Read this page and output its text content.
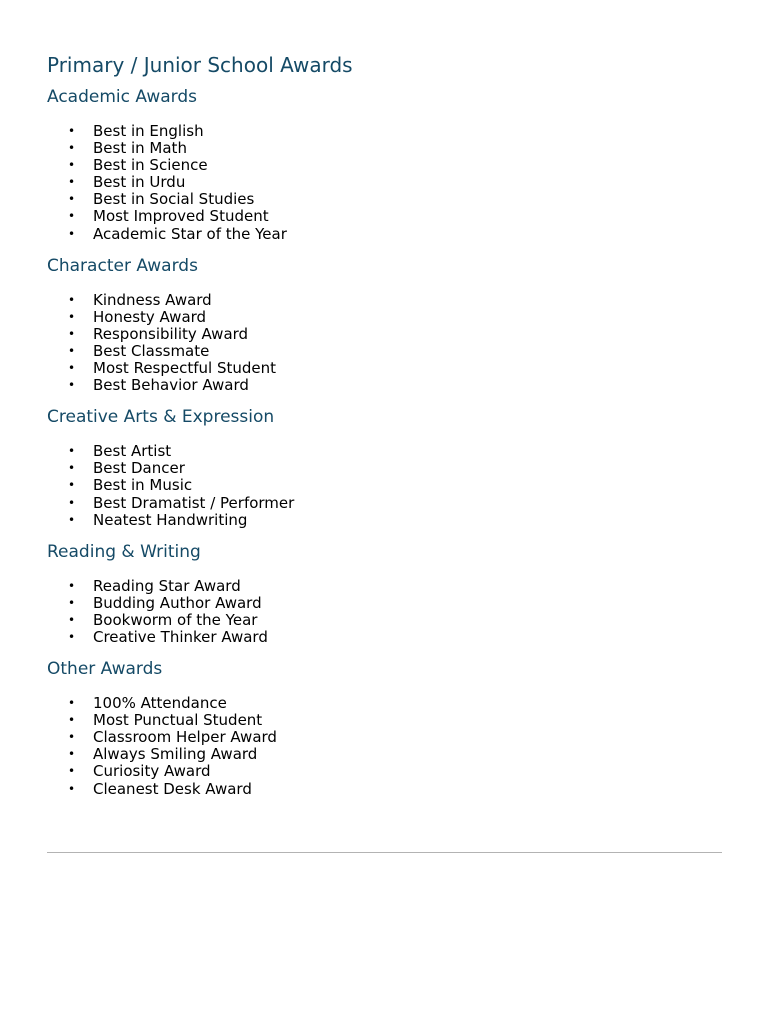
Primary / Junior School Awards
Academic Awards
• Best in English
• Best in Math
• Best in Science
• Best in Urdu
• Best in Social Studies
• Most Improved Student
• Academic Star of the Year
Character Awards
• Kindness Award
• Honesty Award
• Responsibility Award
• Best Classmate
• Most Respectful Student
• Best Behavior Award
Creative Arts & Expression
• Best Artist
• Best Dancer
• Best in Music
• Best Dramatist / Performer
• Neatest Handwriting
Reading & Writing
• Reading Star Award
• Budding Author Award
• Bookworm of the Year
• Creative Thinker Award
Other Awards
• 100% Attendance
• Most Punctual Student
• Classroom Helper Award
• Always Smiling Award
• Curiosity Award
• Cleanest Desk Award
